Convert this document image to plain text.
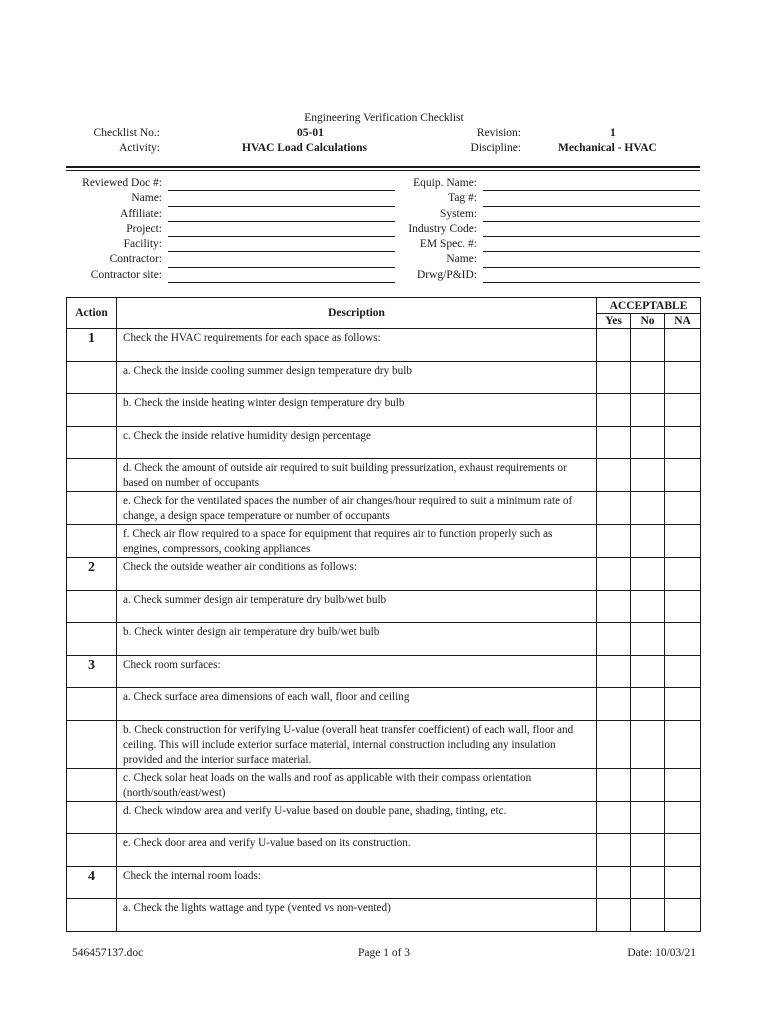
Engineering Verification Checklist
Checklist No.:	05-01
Activity:	HVAC Load Calculations
Revision:	1
Discipline:	Mechanical - HVAC
Reviewed Doc #:
Name:
Affiliate:
Project:
Facility:
Contractor:
Contractor site:
Equip. Name:
Tag #:
System:
Industry Code:
EM Spec. #:
Name:
Drwg/P&ID:
Action	Description	ACCEPTABLE		
		Yes	No	NA
1	Check the HVAC requirements for each space as follows:			
	a. Check the inside cooling summer design temperature dry bulb			
	b. Check the inside heating winter design temperature dry bulb			
	c. Check the inside relative humidity design percentage			
	d. Check the amount of outside air required to suit building pressurization, exhaust requirements or based on number of occupants			
	e. Check for the ventilated spaces the number of air changes/hour required to suit a minimum rate of change, a design space temperature or number of occupants			
	f. Check air flow required to a space for equipment that requires air to function properly such as engines, compressors, cooking appliances			
2	Check the outside weather air conditions as follows:			
	a. Check summer design air temperature dry bulb/wet bulb			
	b. Check winter design air temperature dry bulb/wet bulb			
3	Check room surfaces:			
	a. Check surface area dimensions of each wall, floor and ceiling			
	b. Check construction for verifying U-value (overall heat transfer coefficient) of each wall, floor and ceiling. This will include exterior surface material, internal construction including any insulation provided and the interior surface material.			
	c. Check solar heat loads on the walls and roof as applicable with their compass orientation (north/south/east/west)			
	d. Check window area and verify U-value based on double pane, shading, tinting, etc.			
	e. Check door area and verify U-value based on its construction.			
4	Check the internal room loads:			
	a. Check the lights wattage and type (vented vs non-vented)			
546457137.doc	Page 1 of 3	Date: 10/03/21
